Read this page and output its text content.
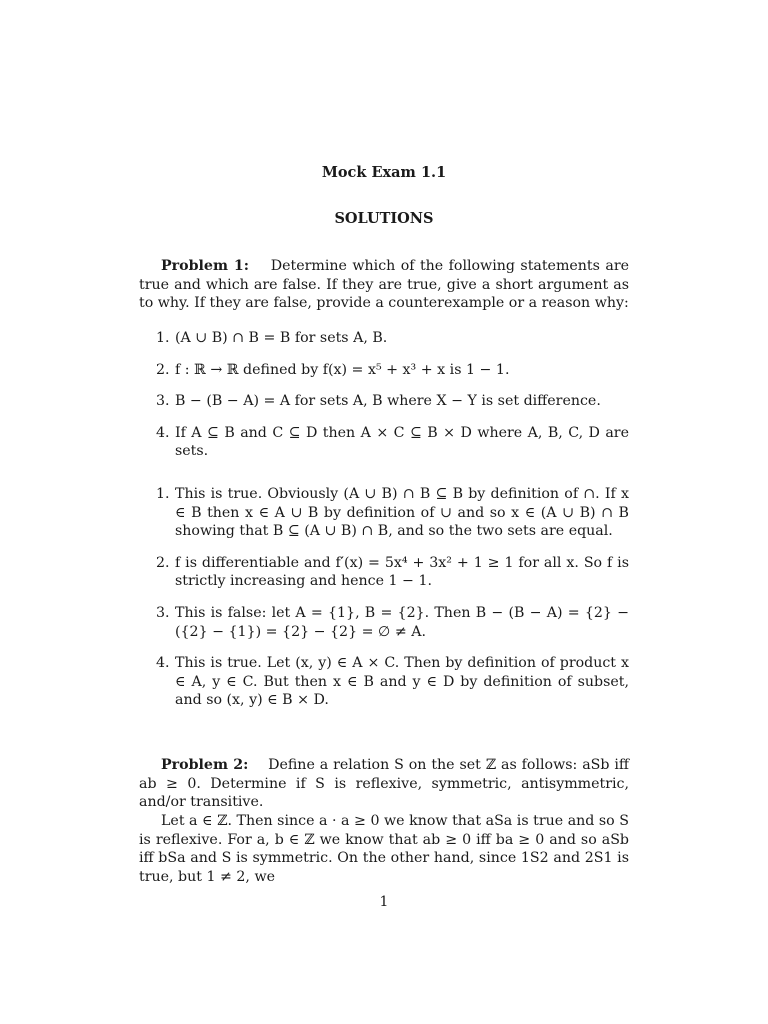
Mock Exam 1.1
SOLUTIONS
Problem 1: Determine which of the following statements are true and which are false. If they are true, give a short argument as to why. If they are false, provide a counterexample or a reason why:
1. (A ∪ B) ∩ B = B for sets A, B.
2. f : ℝ → ℝ defined by f(x) = x⁵ + x³ + x is 1 − 1.
3. B − (B − A) = A for sets A, B where X − Y is set difference.
4. If A ⊆ B and C ⊆ D then A × C ⊆ B × D where A, B, C, D are sets.
1. This is true. Obviously (A ∪ B) ∩ B ⊆ B by definition of ∩. If x ∈ B then x ∈ A ∪ B by definition of ∪ and so x ∈ (A ∪ B) ∩ B showing that B ⊆ (A ∪ B) ∩ B, and so the two sets are equal.
2. f is differentiable and f′(x) = 5x⁴ + 3x² + 1 ≥ 1 for all x. So f is strictly increasing and hence 1 − 1.
3. This is false: let A = {1}, B = {2}. Then B − (B − A) = {2} − ({2} − {1}) = {2} − {2} = ∅ ≠ A.
4. This is true. Let (x, y) ∈ A × C. Then by definition of product x ∈ A, y ∈ C. But then x ∈ B and y ∈ D by definition of subset, and so (x, y) ∈ B × D.
Problem 2: Define a relation S on the set ℤ as follows: aSb iff ab ≥ 0. Determine if S is reflexive, symmetric, antisymmetric, and/or transitive.
Let a ∈ ℤ. Then since a · a ≥ 0 we know that aSa is true and so S is reflexive. For a, b ∈ ℤ we know that ab ≥ 0 iff ba ≥ 0 and so aSb iff bSa and S is symmetric. On the other hand, since 1S2 and 2S1 is true, but 1 ≠ 2, we
1
